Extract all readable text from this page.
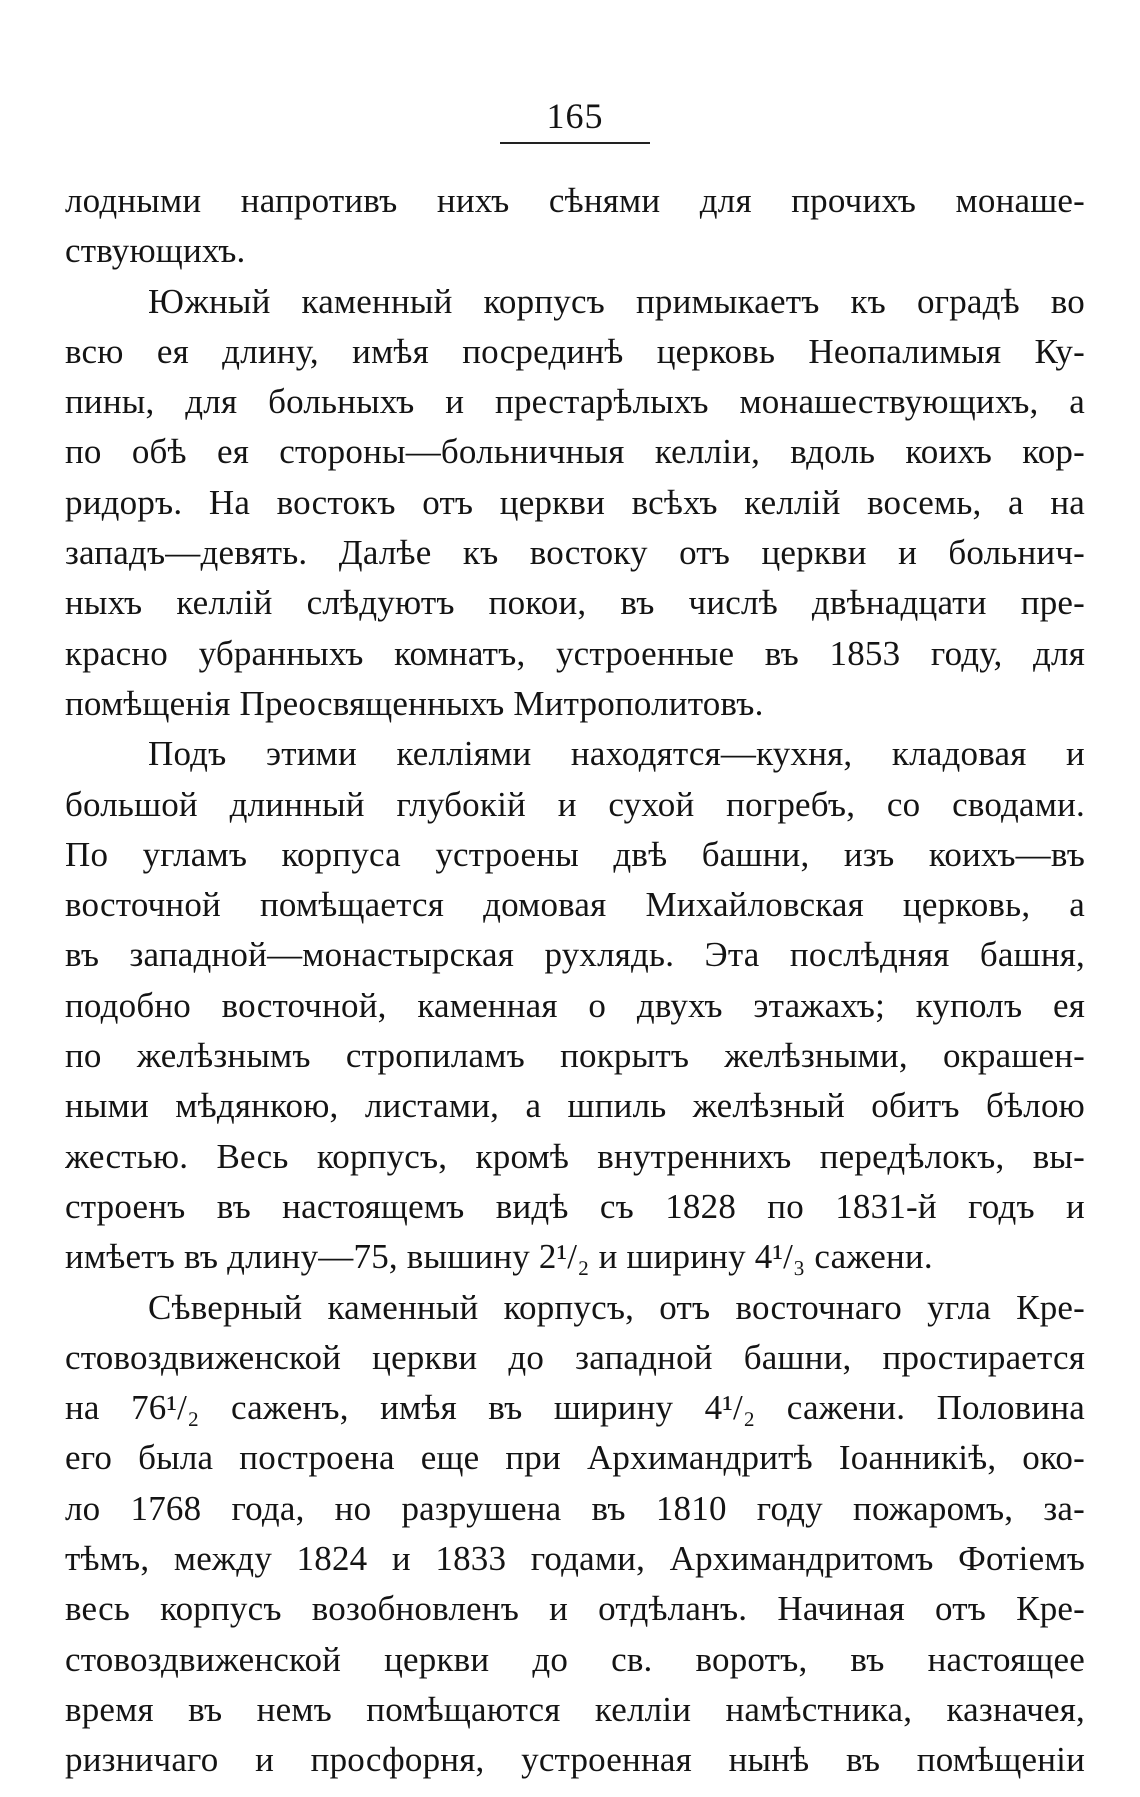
165
лодными напротивъ нихъ сѣнями для прочихъ монаше-
ствующихъ.
Южный каменный корпусъ примыкаетъ къ оградѣ во
всю ея длину, имѣя посрединѣ церковь Неопалимыя Ку-
пины, для больныхъ и престарѣлыхъ монашествующихъ, а
по обѣ ея стороны—больничныя келліи, вдоль коихъ кор-
ридоръ. На востокъ отъ церкви всѣхъ келлій восемь, а на
западъ—девять. Далѣе къ востоку отъ церкви и больнич-
ныхъ келлій слѣдуютъ покои, въ числѣ двѣнадцати пре-
красно убранныхъ комнатъ, устроенные въ 1853 году, для
помѣщенія Преосвященныхъ Митрополитовъ.
Подъ этими келліями находятся—кухня, кладовая и
большой длинный глубокій и сухой погребъ, со сводами.
По угламъ корпуса устроены двѣ башни, изъ коихъ—въ
восточной помѣщается домовая Михайловская церковь, а
въ западной—монастырская рухлядь. Эта послѣдняя башня,
подобно восточной, каменная о двухъ этажахъ; куполъ ея
по желѣзнымъ стропиламъ покрытъ желѣзными, окрашен-
ными мѣдянкою, листами, а шпиль желѣзный обитъ бѣлою
жестью. Весь корпусъ, кромѣ внутреннихъ передѣлокъ, вы-
строенъ въ настоящемъ видѣ съ 1828 по 1831-й годъ и
имѣетъ въ длину—75, вышину 2¹/₂ и ширину 4¹/₃ сажени.
Сѣверный каменный корпусъ, отъ восточнаго угла Кре-
стовоздвиженской церкви до западной башни, простирается
на 76¹/₂ саженъ, имѣя въ ширину 4¹/₂ сажени. Половина
его была построена еще при Архимандритѣ Іоанникіѣ, око-
ло 1768 года, но разрушена въ 1810 году пожаромъ, за-
тѣмъ, между 1824 и 1833 годами, Архимандритомъ Фотіемъ
весь корпусъ возобновленъ и отдѣланъ. Начиная отъ Кре-
стовоздвиженской церкви до св. воротъ, въ настоящее
время въ немъ помѣщаются келліи намѣстника, казначея,
ризничаго и просфорня, устроенная нынѣ въ помѣщеніи
